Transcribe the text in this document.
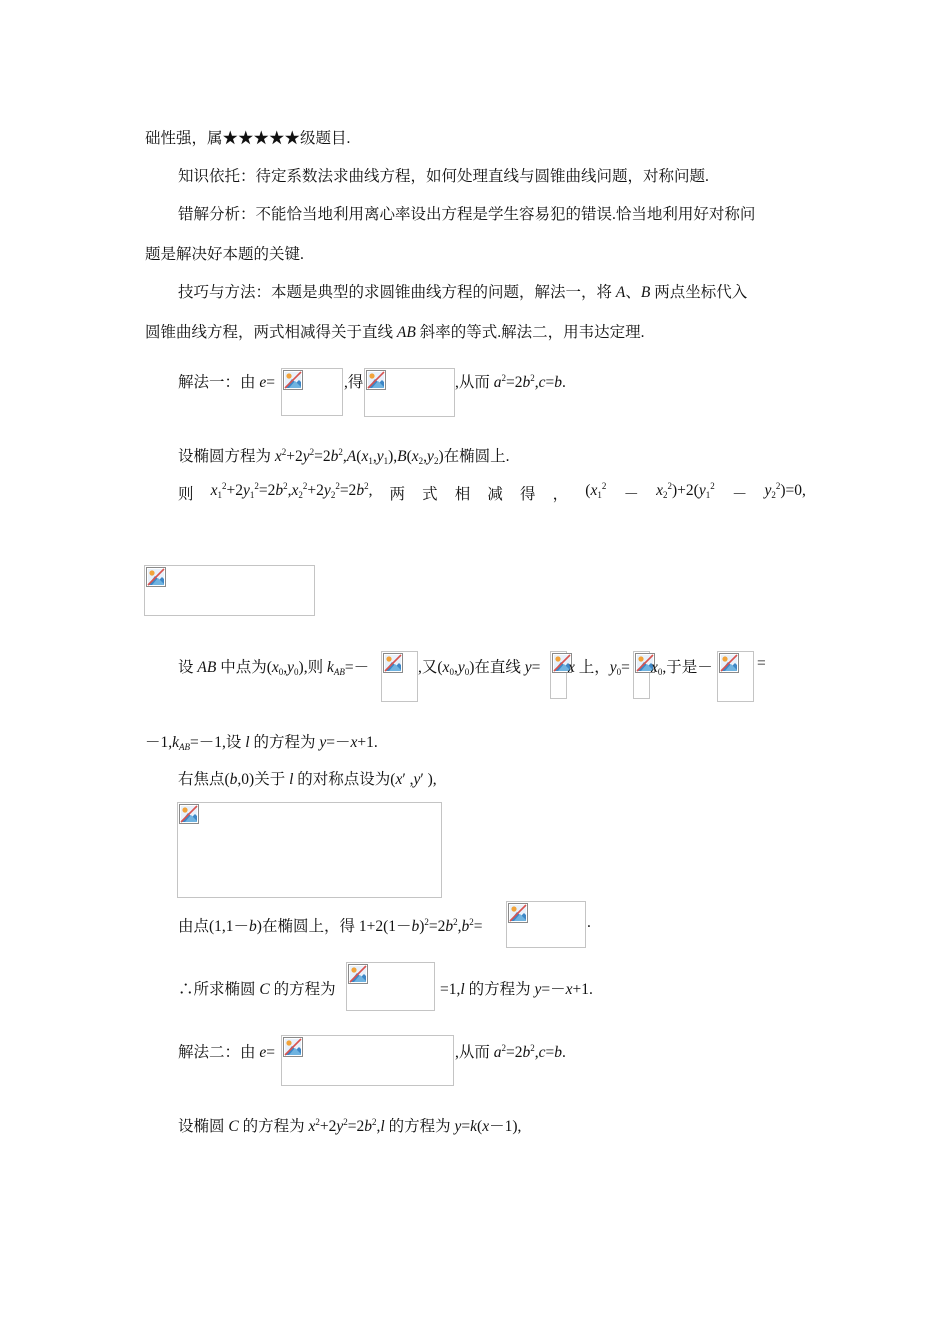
础性强，属★★★★★级题目.
知识依托：待定系数法求曲线方程，如何处理直线与圆锥曲线问题，对称问题.
错解分析：不能恰当地利用离心率设出方程是学生容易犯的错误.恰当地利用好对称问
题是解决好本题的关键.
技巧与方法：本题是典型的求圆锥曲线方程的问题，解法一，将 A、B 两点坐标代入
圆锥曲线方程，两式相减得关于直线 AB 斜率的等式.解法二，用韦达定理.
解法一：由 e=	,得	,从而 $a^2=2b^2,c=b$.
设椭圆方程为 $x^2+2y^2=2b^2,A(x_1,y_1),B(x_2,y_2)$在椭圆上.
则 $x_1^2+2y_1^2=2b^2,x_2^2+2y_2^2=2b^2$, 两 式 相 减 得 ， $(x_1^2 - x_2^2)+2(y_1^2 - y_2^2)=0$,
设 AB 中点为$(x_0,y_0)$,则 $k_{AB}=-$	,又$(x_0,y_0)$在直线 y= x 上，$y_0= x_0$,于是－	=
$-1,k_{AB}=-1$,设 l 的方程为 y=－x+1.
右焦点(b,0)关于 l 的对称点设为(x′ ,y′ ),
由点(1,1－b)在椭圆上，得 $1+2(1-b)^2=2b^2,b^2=$	.
∴所求椭圆 C 的方程为	=1,l 的方程为 y=－x+1.
解法二：由 e=	,从而 $a^2=2b^2,c=b$.
设椭圆 C 的方程为 $x^2+2y^2=2b^2,l$ 的方程为 y=k(x－1),
